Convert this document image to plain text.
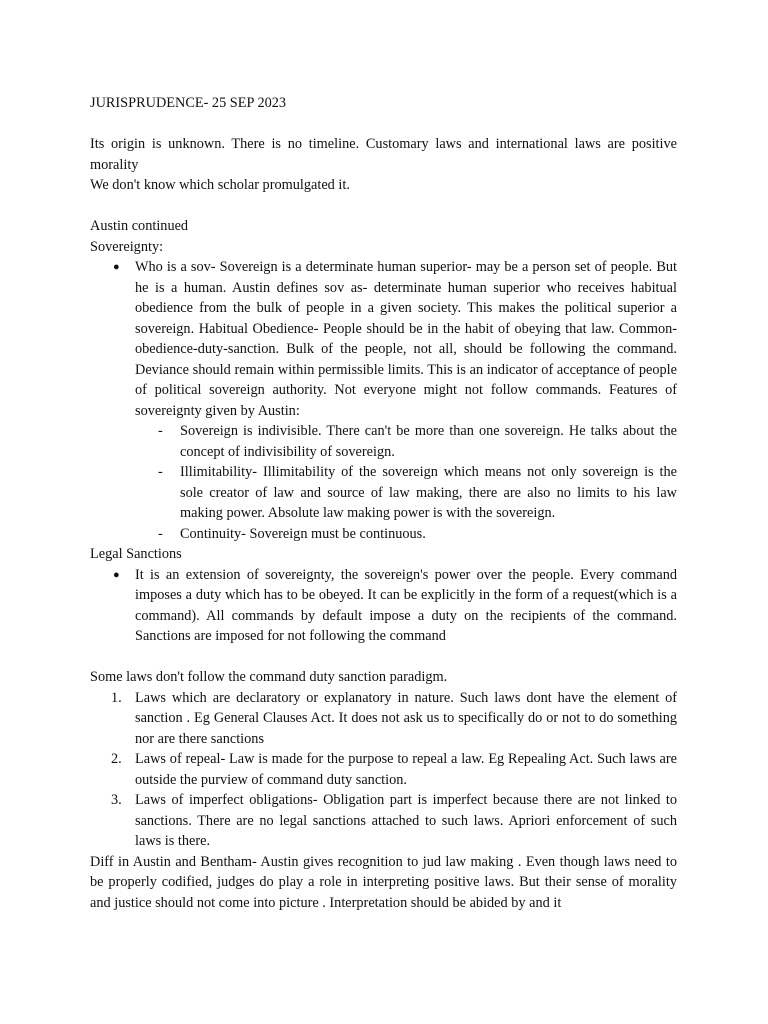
JURISPRUDENCE- 25 SEP 2023

Its origin is unknown. There is no timeline. Customary laws and international laws are positive morality

We don't know which scholar promulgated it.

Austin continued

Sovereignty:

● Who is a sov- Sovereign is a determinate human superior- may be a person set of people. But he is a human. Austin defines sov as- determinate human superior who receives habitual obedience from the bulk of people in a given society. This makes the political superior a sovereign. Habitual Obedience- People should be in the habit of obeying that law. Common-obedience-duty-sanction. Bulk of the people, not all, should be following the command. Deviance should remain within permissible limits. This is an indicator of acceptance of people of political sovereign authority. Not everyone might not follow commands. Features of sovereignty given by Austin:
- Sovereign is indivisible. There can't be more than one sovereign. He talks about the concept of indivisibility of sovereign.
- Illimitability- Illimitability of the sovereign which means not only sovereign is the sole creator of law and source of law making, there are also no limits to his law making power. Absolute law making power is with the sovereign.
- Continuity- Sovereign must be continuous.

Legal Sanctions

● It is an extension of sovereignty, the sovereign's power over the people. Every command imposes a duty which has to be obeyed. It can be explicitly in the form of a request(which is a command). All commands by default impose a duty on the recipients of the command. Sanctions are imposed for not following the command

Some laws don't follow the command duty sanction paradigm.

1. Laws which are declaratory or explanatory in nature. Such laws dont have the element of sanction . Eg General Clauses Act. It does not ask us to specifically do or not to do something nor are there sanctions
2. Laws of repeal- Law is made for the purpose to repeal a law. Eg Repealing Act. Such laws are outside the purview of command duty sanction.
3. Laws of imperfect obligations- Obligation part is imperfect because there are not linked to sanctions. There are no legal sanctions attached to such laws. Apriori enforcement of such laws is there.

Diff in Austin and Bentham- Austin gives recognition to jud law making . Even though laws need to be properly codified, judges do play a role in interpreting positive laws. But their sense of morality and justice should not come into picture . Interpretation should be abided by and it
